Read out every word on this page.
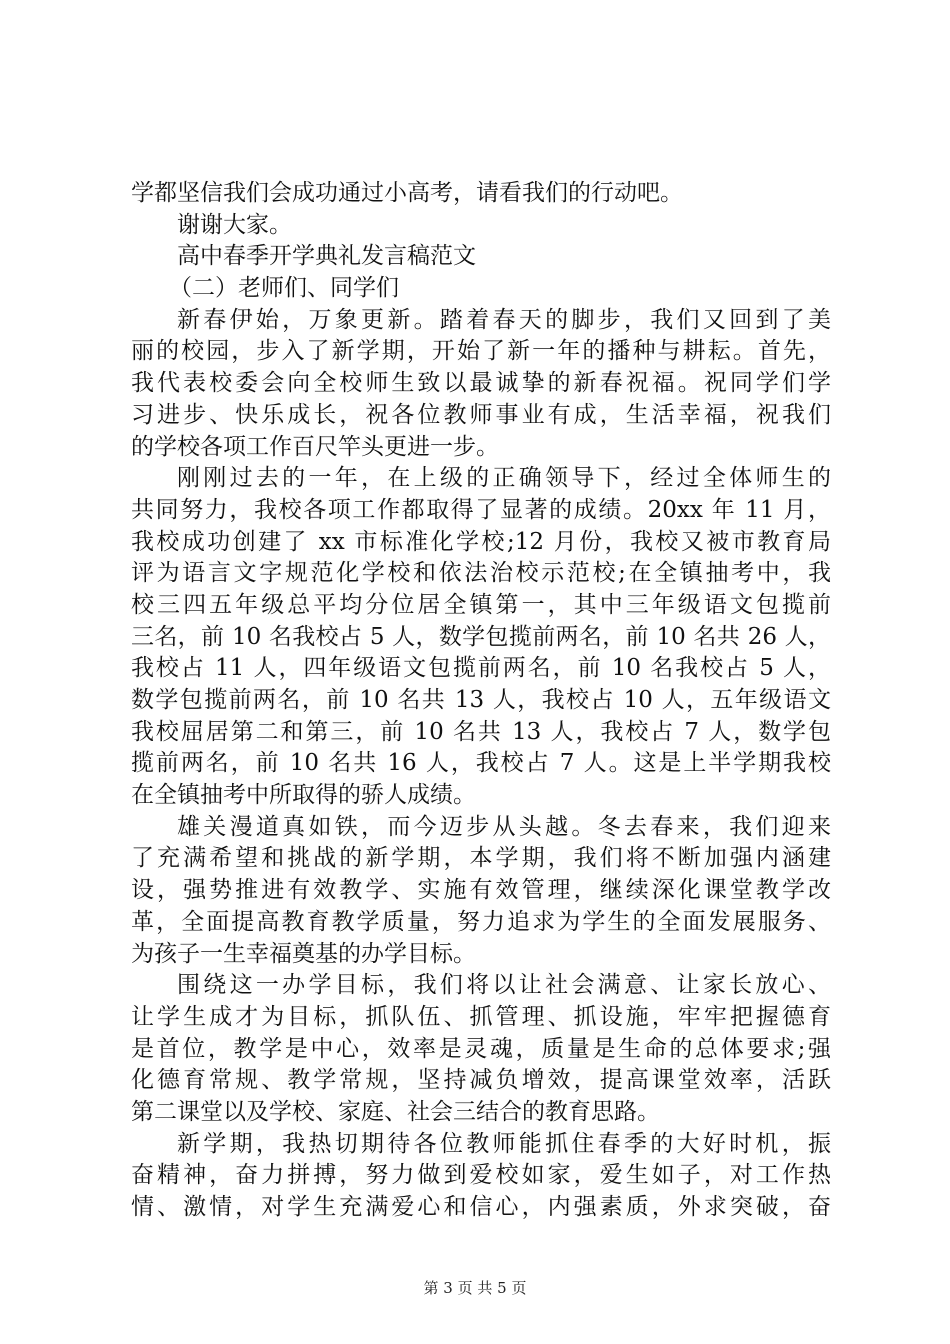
学都坚信我们会成功通过小高考，请看我们的行动吧。
谢谢大家。
高中春季开学典礼发言稿范文
（二）老师们、同学们
新春伊始，万象更新。踏着春天的脚步，我们又回到了美
丽的校园，步入了新学期，开始了新一年的播种与耕耘。首先，
我代表校委会向全校师生致以最诚挚的新春祝福。祝同学们学
习进步、快乐成长，祝各位教师事业有成，生活幸福，祝我们
的学校各项工作百尺竿头更进一步。
刚刚过去的一年，在上级的正确领导下，经过全体师生的
共同努力，我校各项工作都取得了显著的成绩。20xx 年 11 月，
我校成功创建了 xx 市标准化学校;12 月份，我校又被市教育局
评为语言文字规范化学校和依法治校示范校;在全镇抽考中，我
校三四五年级总平均分位居全镇第一，其中三年级语文包揽前
三名，前 10 名我校占 5 人，数学包揽前两名，前 10 名共 26 人，
我校占 11 人，四年级语文包揽前两名，前 10 名我校占 5 人，
数学包揽前两名，前 10 名共 13 人，我校占 10 人，五年级语文
我校屈居第二和第三，前 10 名共 13 人，我校占 7 人，数学包
揽前两名，前 10 名共 16 人，我校占 7 人。这是上半学期我校
在全镇抽考中所取得的骄人成绩。
雄关漫道真如铁，而今迈步从头越。冬去春来，我们迎来
了充满希望和挑战的新学期，本学期，我们将不断加强内涵建
设，强势推进有效教学、实施有效管理，继续深化课堂教学改
革，全面提高教育教学质量，努力追求为学生的全面发展服务、
为孩子一生幸福奠基的办学目标。
围绕这一办学目标，我们将以让社会满意、让家长放心、
让学生成才为目标，抓队伍、抓管理、抓设施，牢牢把握德育
是首位，教学是中心，效率是灵魂，质量是生命的总体要求;强
化德育常规、教学常规，坚持减负增效，提高课堂效率，活跃
第二课堂以及学校、家庭、社会三结合的教育思路。
新学期，我热切期待各位教师能抓住春季的大好时机，振
奋精神，奋力拼搏，努力做到爱校如家，爱生如子，对工作热
情、激情，对学生充满爱心和信心，内强素质，外求突破，奋
第 3 页 共 5 页
